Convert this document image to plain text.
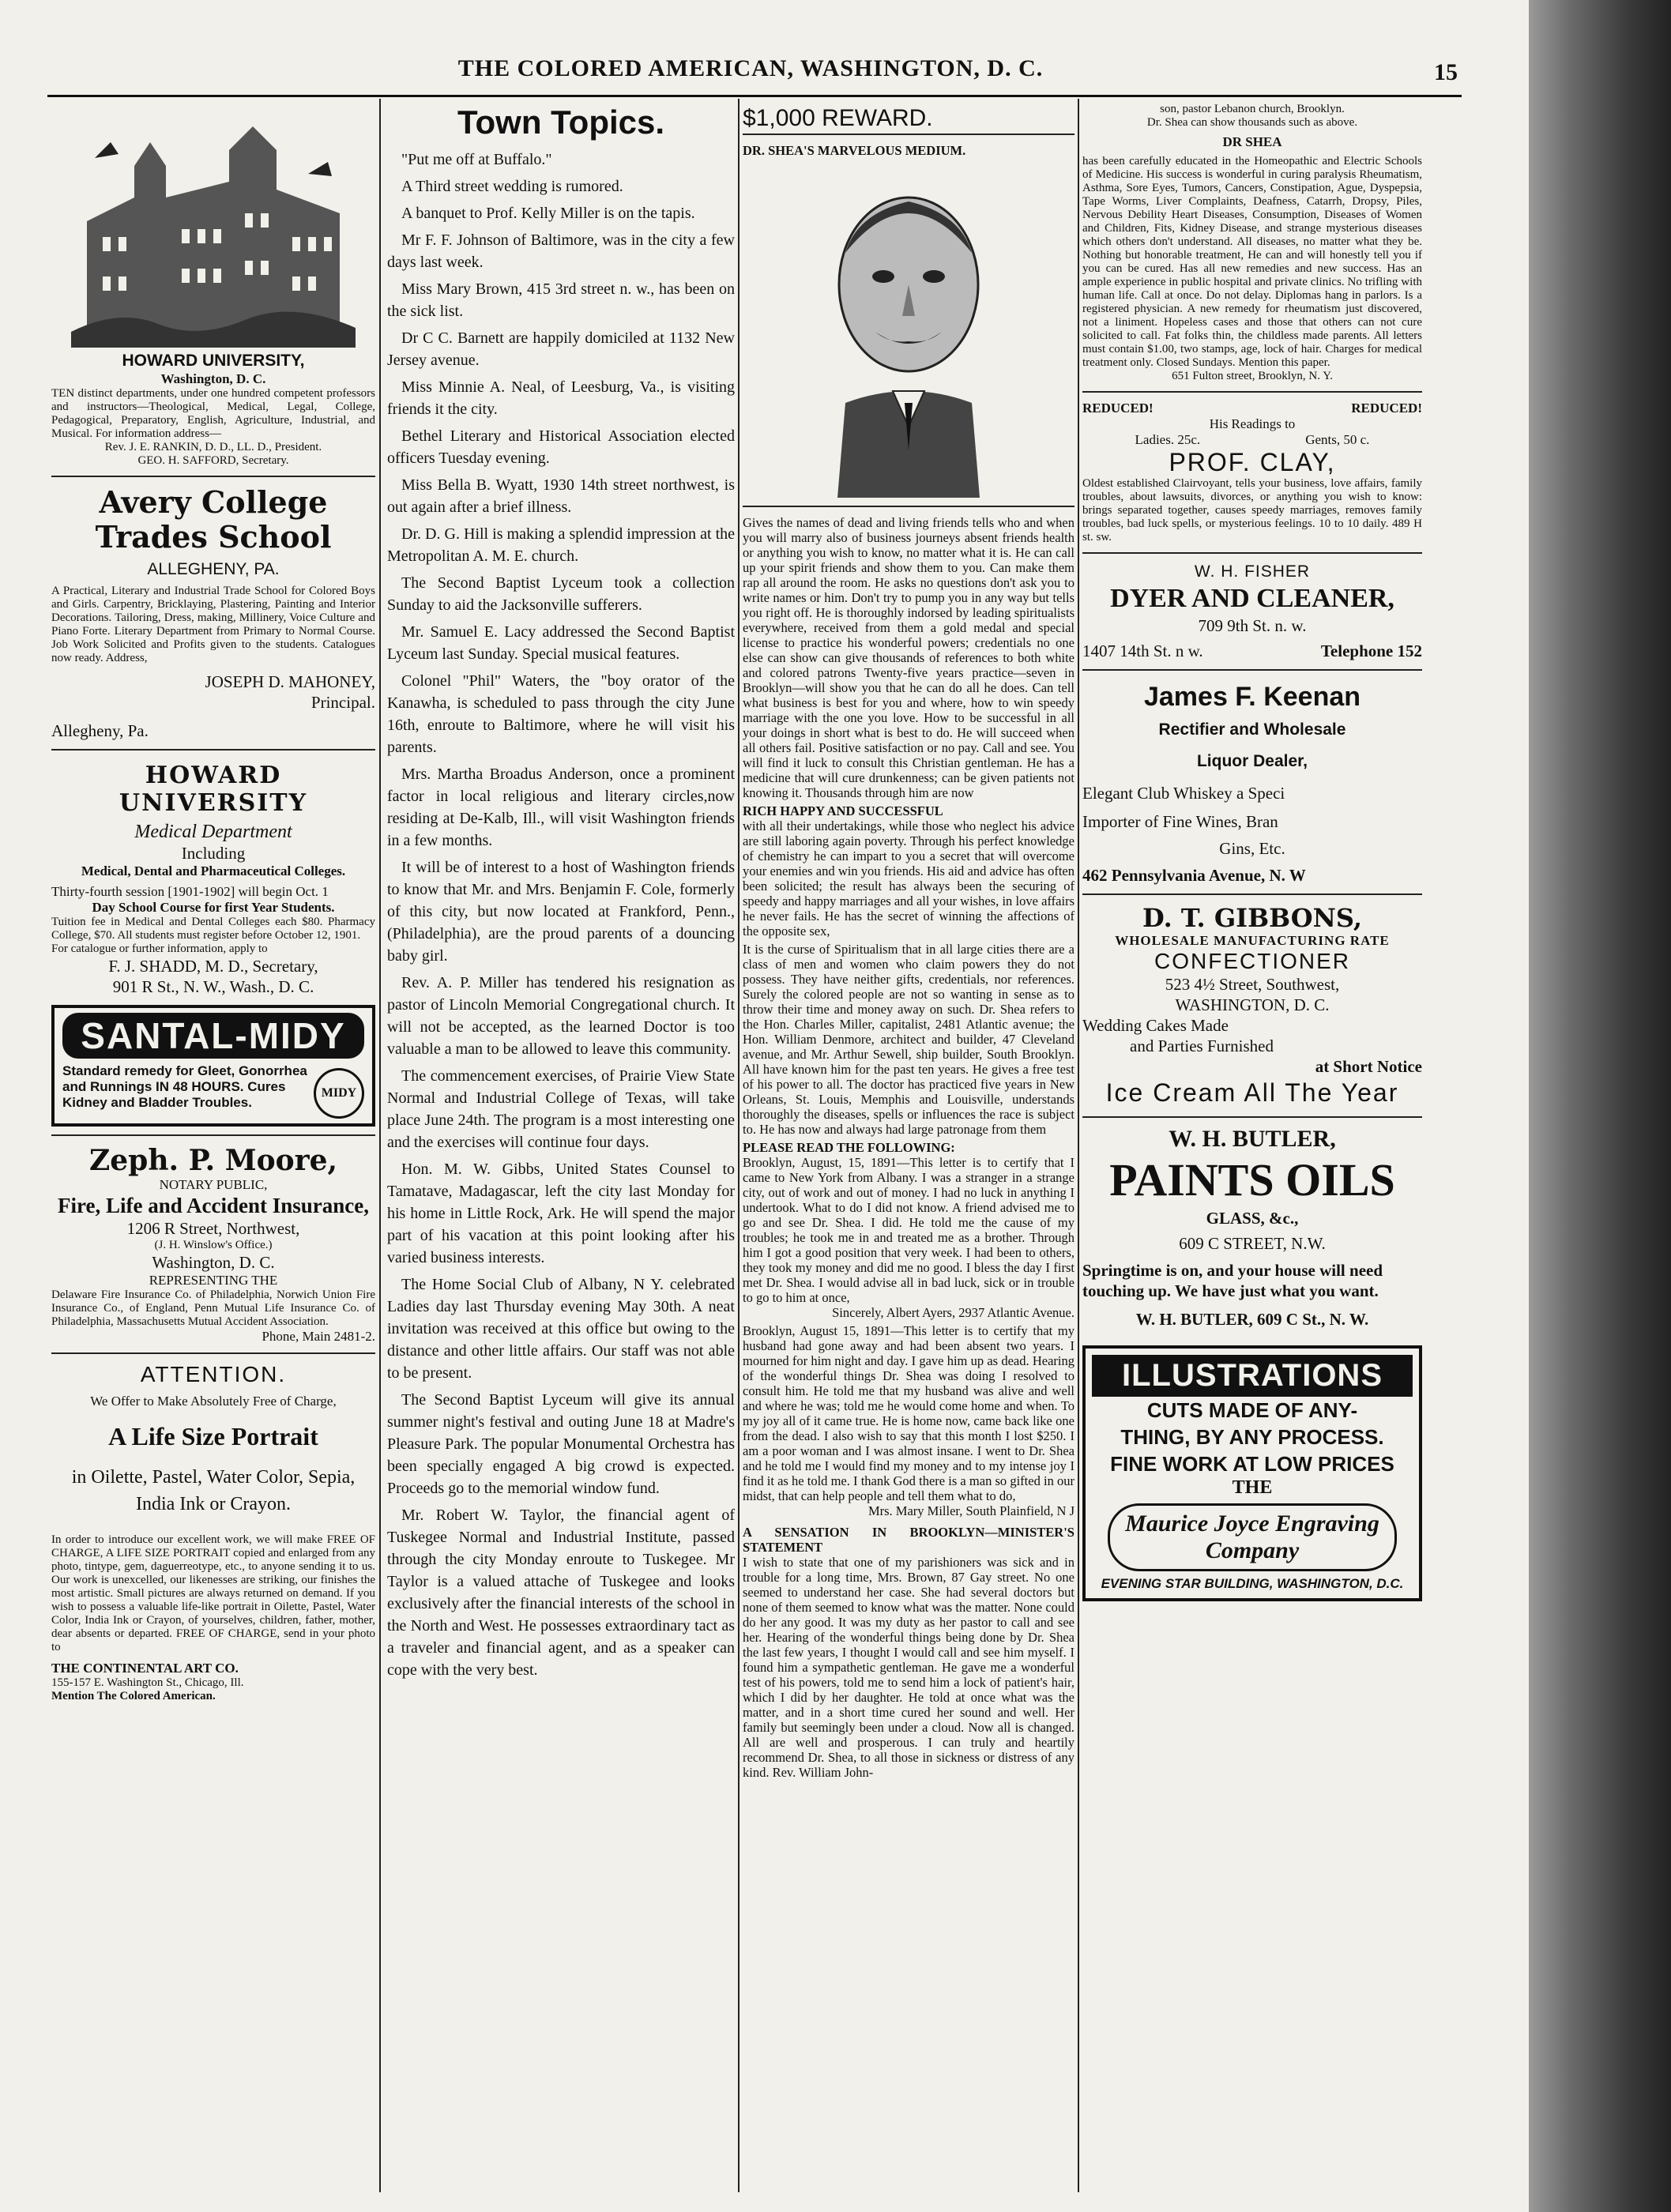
THE COLORED AMERICAN, WASHINGTON, D. C.	15

HOWARD UNIVERSITY,

Washington, D. C.

TEN distinct departments, under one hundred competent professors and instructors—Theological, Medical, Legal, College, Pedagogical, Preparatory, English, Agriculture, Industrial, and Musical. For information address—

Rev. J. E. RANKIN, D. D., LL. D., President.

GEO. H. SAFFORD, Secretary.

Avery College Trades School

ALLEGHENY, PA.

A Practical, Literary and Industrial Trade School for Colored Boys and Girls. Carpentry, Bricklaying, Plastering, Painting and Interior Decorations. Tailoring, Dress, making, Millinery, Voice Culture and Piano Forte. Literary Department from Primary to Normal Course. Job Work Solicited and Profits given to the students. Catalogues now ready. Address,

JOSEPH D. MAHONEY,

Principal.

Allegheny, Pa.

HOWARD UNIVERSITY

Medical Department

Including

Medical, Dental and Pharmaceutical Colleges.

Thirty-fourth session [1901-1902] will begin Oct. 1

Day School Course for first Year Students.

Tuition fee in Medical and Dental Colleges each $80. Pharmacy College, $70. All students must register before October 12, 1901.

For catalogue or further information, apply to

F. J. SHADD, M. D., Secretary,

901 R St., N. W., Wash., D. C.

SANTAL-MIDY
MIDY

Standard remedy for Gleet, Gonorrhea and Runnings IN 48 HOURS. Cures Kidney and Bladder Troubles.

Zeph. P. Moore,

NOTARY PUBLIC,

Fire, Life and Accident Insurance,

1206 R Street, Northwest,

(J. H. Winslow's Office.)

Washington, D. C.

REPRESENTING THE

Delaware Fire Insurance Co. of Philadelphia, Norwich Union Fire Insurance Co., of England, Penn Mutual Life Insurance Co. of Philadelphia, Massachusetts Mutual Accident Association.

Phone, Main 2481-2.

ATTENTION.

We Offer to Make Absolutely Free of Charge,

A Life Size Portrait

in Oilette, Pastel, Water Color, Sepia, India Ink or Crayon.

In order to introduce our excellent work, we will make FREE OF CHARGE, A LIFE SIZE PORTRAIT copied and enlarged from any photo, tintype, gem, daguerreotype, etc., to anyone sending it to us. Our work is unexcelled, our likenesses are striking, our finishes the most artistic. Small pictures are always returned on demand. If you wish to possess a valuable life-like portrait in Oilette, Pastel, Water Color, India Ink or Crayon, of yourselves, children, father, mother, dear absents or departed. FREE OF CHARGE, send in your photo to

THE CONTINENTAL ART CO.

155-157 E. Washington St., Chicago, Ill.

Mention The Colored American.

Town Topics.

"Put me off at Buffalo."

A Third street wedding is rumored.

A banquet to Prof. Kelly Miller is on the tapis.

Mr F. F. Johnson of Baltimore, was in the city a few days last week.

Miss Mary Brown, 415 3rd street n. w., has been on the sick list.

Dr C C. Barnett are happily domiciled at 1132 New Jersey avenue.

Miss Minnie A. Neal, of Leesburg, Va., is visiting friends it the city.

Bethel Literary and Historical Association elected officers Tuesday evening.

Miss Bella B. Wyatt, 1930 14th street northwest, is out again after a brief illness.

Dr. D. G. Hill is making a splendid impression at the Metropolitan A. M. E. church.

The Second Baptist Lyceum took a collection Sunday to aid the Jacksonville sufferers.

Mr. Samuel E. Lacy addressed the Second Baptist Lyceum last Sunday. Special musical features.

Colonel "Phil" Waters, the "boy orator of the Kanawha, is scheduled to pass through the city June 16th, enroute to Baltimore, where he will visit his parents.

Mrs. Martha Broadus Anderson, once a prominent factor in local religious and literary circles,now residing at De-Kalb, Ill., will visit Washington friends in a few months.

It will be of interest to a host of Washington friends to know that Mr. and Mrs. Benjamin F. Cole, formerly of this city, but now located at Frankford, Penn., (Philadelphia), are the proud parents of a douncing baby girl.

Rev. A. P. Miller has tendered his resignation as pastor of Lincoln Memorial Congregational church. It will not be accepted, as the learned Doctor is too valuable a man to be allowed to leave this community.

The commencement exercises, of Prairie View State Normal and Industrial College of Texas, will take place June 24th. The program is a most interesting one and the exercises will continue four days.

Hon. M. W. Gibbs, United States Counsel to Tamatave, Madagascar, left the city last Monday for his home in Little Rock, Ark. He will spend the major part of his vacation at this point looking after his varied business interests.

The Home Social Club of Albany, N Y. celebrated Ladies day last Thursday evening May 30th. A neat invitation was received at this office but owing to the distance and other little affairs. Our staff was not able to be present.

The Second Baptist Lyceum will give its annual summer night's festival and outing June 18 at Madre's Pleasure Park. The popular Monumental Orchestra has been specially engaged A big crowd is expected. Proceeds go to the memorial window fund.

Mr. Robert W. Taylor, the financial agent of Tuskegee Normal and Industrial Institute, passed through the city Monday enroute to Tuskegee. Mr Taylor is a valued attache of Tuskegee and looks exclusively after the financial interests of the school in the North and West. He possesses extraordinary tact as a traveler and financial agent, and as a speaker can cope with the very best.

$1,000 REWARD.

DR. SHEA'S MARVELOUS MEDIUM.

Gives the names of dead and living friends tells who and when you will marry also of business journeys absent friends health or anything you wish to know, no matter what it is. He can call up your spirit friends and show them to you. Can make them rap all around the room. He asks no questions don't ask you to write names or him. Don't try to pump you in any way but tells you right off. He is thoroughly indorsed by leading spiritualists everywhere, received from them a gold medal and special license to practice his wonderful powers; credentials no one else can show can give thousands of references to both white and colored patrons Twenty-five years practice—seven in Brooklyn—will show you that he can do all he does. Can tell what business is best for you and where, how to win speedy marriage with the one you love. How to be successful in all your doings in short what is best to do. He will succeed when all others fail. Positive satisfaction or no pay. Call and see. You will find it luck to consult this Christian gentleman. He has a medicine that will cure drunkenness; can be given patients not knowing it. Thousands through him are now

RICH HAPPY AND SUCCESSFUL

with all their undertakings, while those who neglect his advice are still laboring again poverty. Through his perfect knowledge of chemistry he can impart to you a secret that will overcome your enemies and win you friends. His aid and advice has often been solicited; the result has always been the securing of speedy and happy marriages and all your wishes, in love affairs he never fails. He has the secret of winning the affections of the opposite sex,

It is the curse of Spiritualism that in all large cities there are a class of men and women who claim powers they do not possess. They have neither gifts, credentials, nor references. Surely the colored people are not so wanting in sense as to throw their time and money away on such. Dr. Shea refers to the Hon. Charles Miller, capitalist, 2481 Atlantic avenue; the Hon. William Denmore, architect and builder, 47 Cleveland avenue, and Mr. Arthur Sewell, ship builder, South Brooklyn. All have known him for the past ten years. He gives a free test of his power to all. The doctor has practiced five years in New Orleans, St. Louis, Memphis and Louisville, understands thoroughly the diseases, spells or influences the race is subject to. He has now and always had large patronage from them

PLEASE READ THE FOLLOWING:

Brooklyn, August, 15, 1891—This letter is to certify that I came to New York from Albany. I was a stranger in a strange city, out of work and out of money. I had no luck in anything I undertook. What to do I did not know. A friend advised me to go and see Dr. Shea. I did. He told me the cause of my troubles; he took me in and treated me as a brother. Through him I got a good position that very week. I had been to others, they took my money and did me no good. I bless the day I first met Dr. Shea. I would advise all in bad luck, sick or in trouble to go to him at once,

Sincerely, Albert Ayers, 2937 Atlantic Avenue.

Brooklyn, August 15, 1891—This letter is to certify that my husband had gone away and had been absent two years. I mourned for him night and day. I gave him up as dead. Hearing of the wonderful things Dr. Shea was doing I resolved to consult him. He told me that my husband was alive and well and where he was; told me he would come home and when. To my joy all of it came true. He is home now, came back like one from the dead. I also wish to say that this month I lost $250. I am a poor woman and I was almost insane. I went to Dr. Shea and he told me I would find my money and to my intense joy I find it as he told me. I thank God there is a man so gifted in our midst, that can help people and tell them what to do,

Mrs. Mary Miller, South Plainfield, N J

A SENSATION IN BROOKLYN—MINISTER'S STATEMENT

I wish to state that one of my parishioners was sick and in trouble for a long time, Mrs. Brown, 87 Gay street. No one seemed to understand her case. She had several doctors but none of them seemed to know what was the matter. None could do her any good. It was my duty as her pastor to call and see her. Hearing of the wonderful things being done by Dr. Shea the last few years, I thought I would call and see him myself. I found him a sympathetic gentleman. He gave me a wonderful test of his powers, told me to send him a lock of patient's hair, which I did by her daughter. He told at once what was the matter, and in a short time cured her sound and well. Her family but seemingly been under a cloud. Now all is changed. All are well and prosperous. I can truly and heartily recommend Dr. Shea, to all those in sickness or distress of any kind. Rev. William John-

son, pastor Lebanon church, Brooklyn.

Dr. Shea can show thousands such as above.

DR SHEA

has been carefully educated in the Homeopathic and Electric Schools of Medicine. His success is wonderful in curing paralysis Rheumatism, Asthma, Sore Eyes, Tumors, Cancers, Constipation, Ague, Dyspepsia, Tape Worms, Liver Complaints, Deafness, Catarrh, Dropsy, Piles, Nervous Debility Heart Diseases, Consumption, Diseases of Women and Children, Fits, Kidney Disease, and strange mysterious diseases which others don't understand. All diseases, no matter what they be. Nothing but honorable treatment, He can and will honestly tell you if you can be cured. Has all new remedies and new success. Has an ample experience in public hospital and private clinics. No trifling with human life. Call at once. Do not delay. Diplomas hang in parlors. Is a registered physician. A new remedy for rheumatism just discovered, not a liniment. Hopeless cases and those that others can not cure solicited to call. Fat folks thin, the childless made parents. All letters must contain $1.00, two stamps, age, lock of hair. Charges for medical treatment only. Closed Sundays. Mention this paper.

651 Fulton street, Brooklyn, N. Y.

REDUCED!	REDUCED!

His Readings to

Ladies. 25c.	Gents, 50 c.

PROF. CLAY,

Oldest established Clairvoyant, tells your business, love affairs, family troubles, about lawsuits, divorces, or anything you wish to know: brings separated together, causes speedy marriages, removes family troubles, bad luck spells, or mysterious feelings. 10 to 10 daily. 489 H st. sw.

W. H. FISHER

DYER AND CLEANER,

709 9th St. n. w.

1407 14th St. n w.	Telephone 152

James F. Keenan

Rectifier and Wholesale

Liquor Dealer,

Elegant Club Whiskey a Speci

Importer of Fine Wines, Bran

Gins, Etc.

462 Pennsylvania Avenue, N. W

D. T. GIBBONS,

WHOLESALE MANUFACTURING RATE

CONFECTIONER

523 4½ Street, Southwest,

WASHINGTON, D. C.

Wedding Cakes Made

and Parties Furnished

at Short Notice

Ice Cream All The Year

W. H. BUTLER,

PAINTS OILS

GLASS, &c.,

609 C STREET, N.W.

Springtime is on, and your house will need touching up. We have just what you want.

W. H. BUTLER, 609 C St., N. W.

ILLUSTRATIONS

CUTS MADE OF ANY-

THING, BY ANY PROCESS.

FINE WORK AT LOW PRICES

THE

Maurice Joyce Engraving Company

EVENING STAR BUILDING, WASHINGTON, D.C.
